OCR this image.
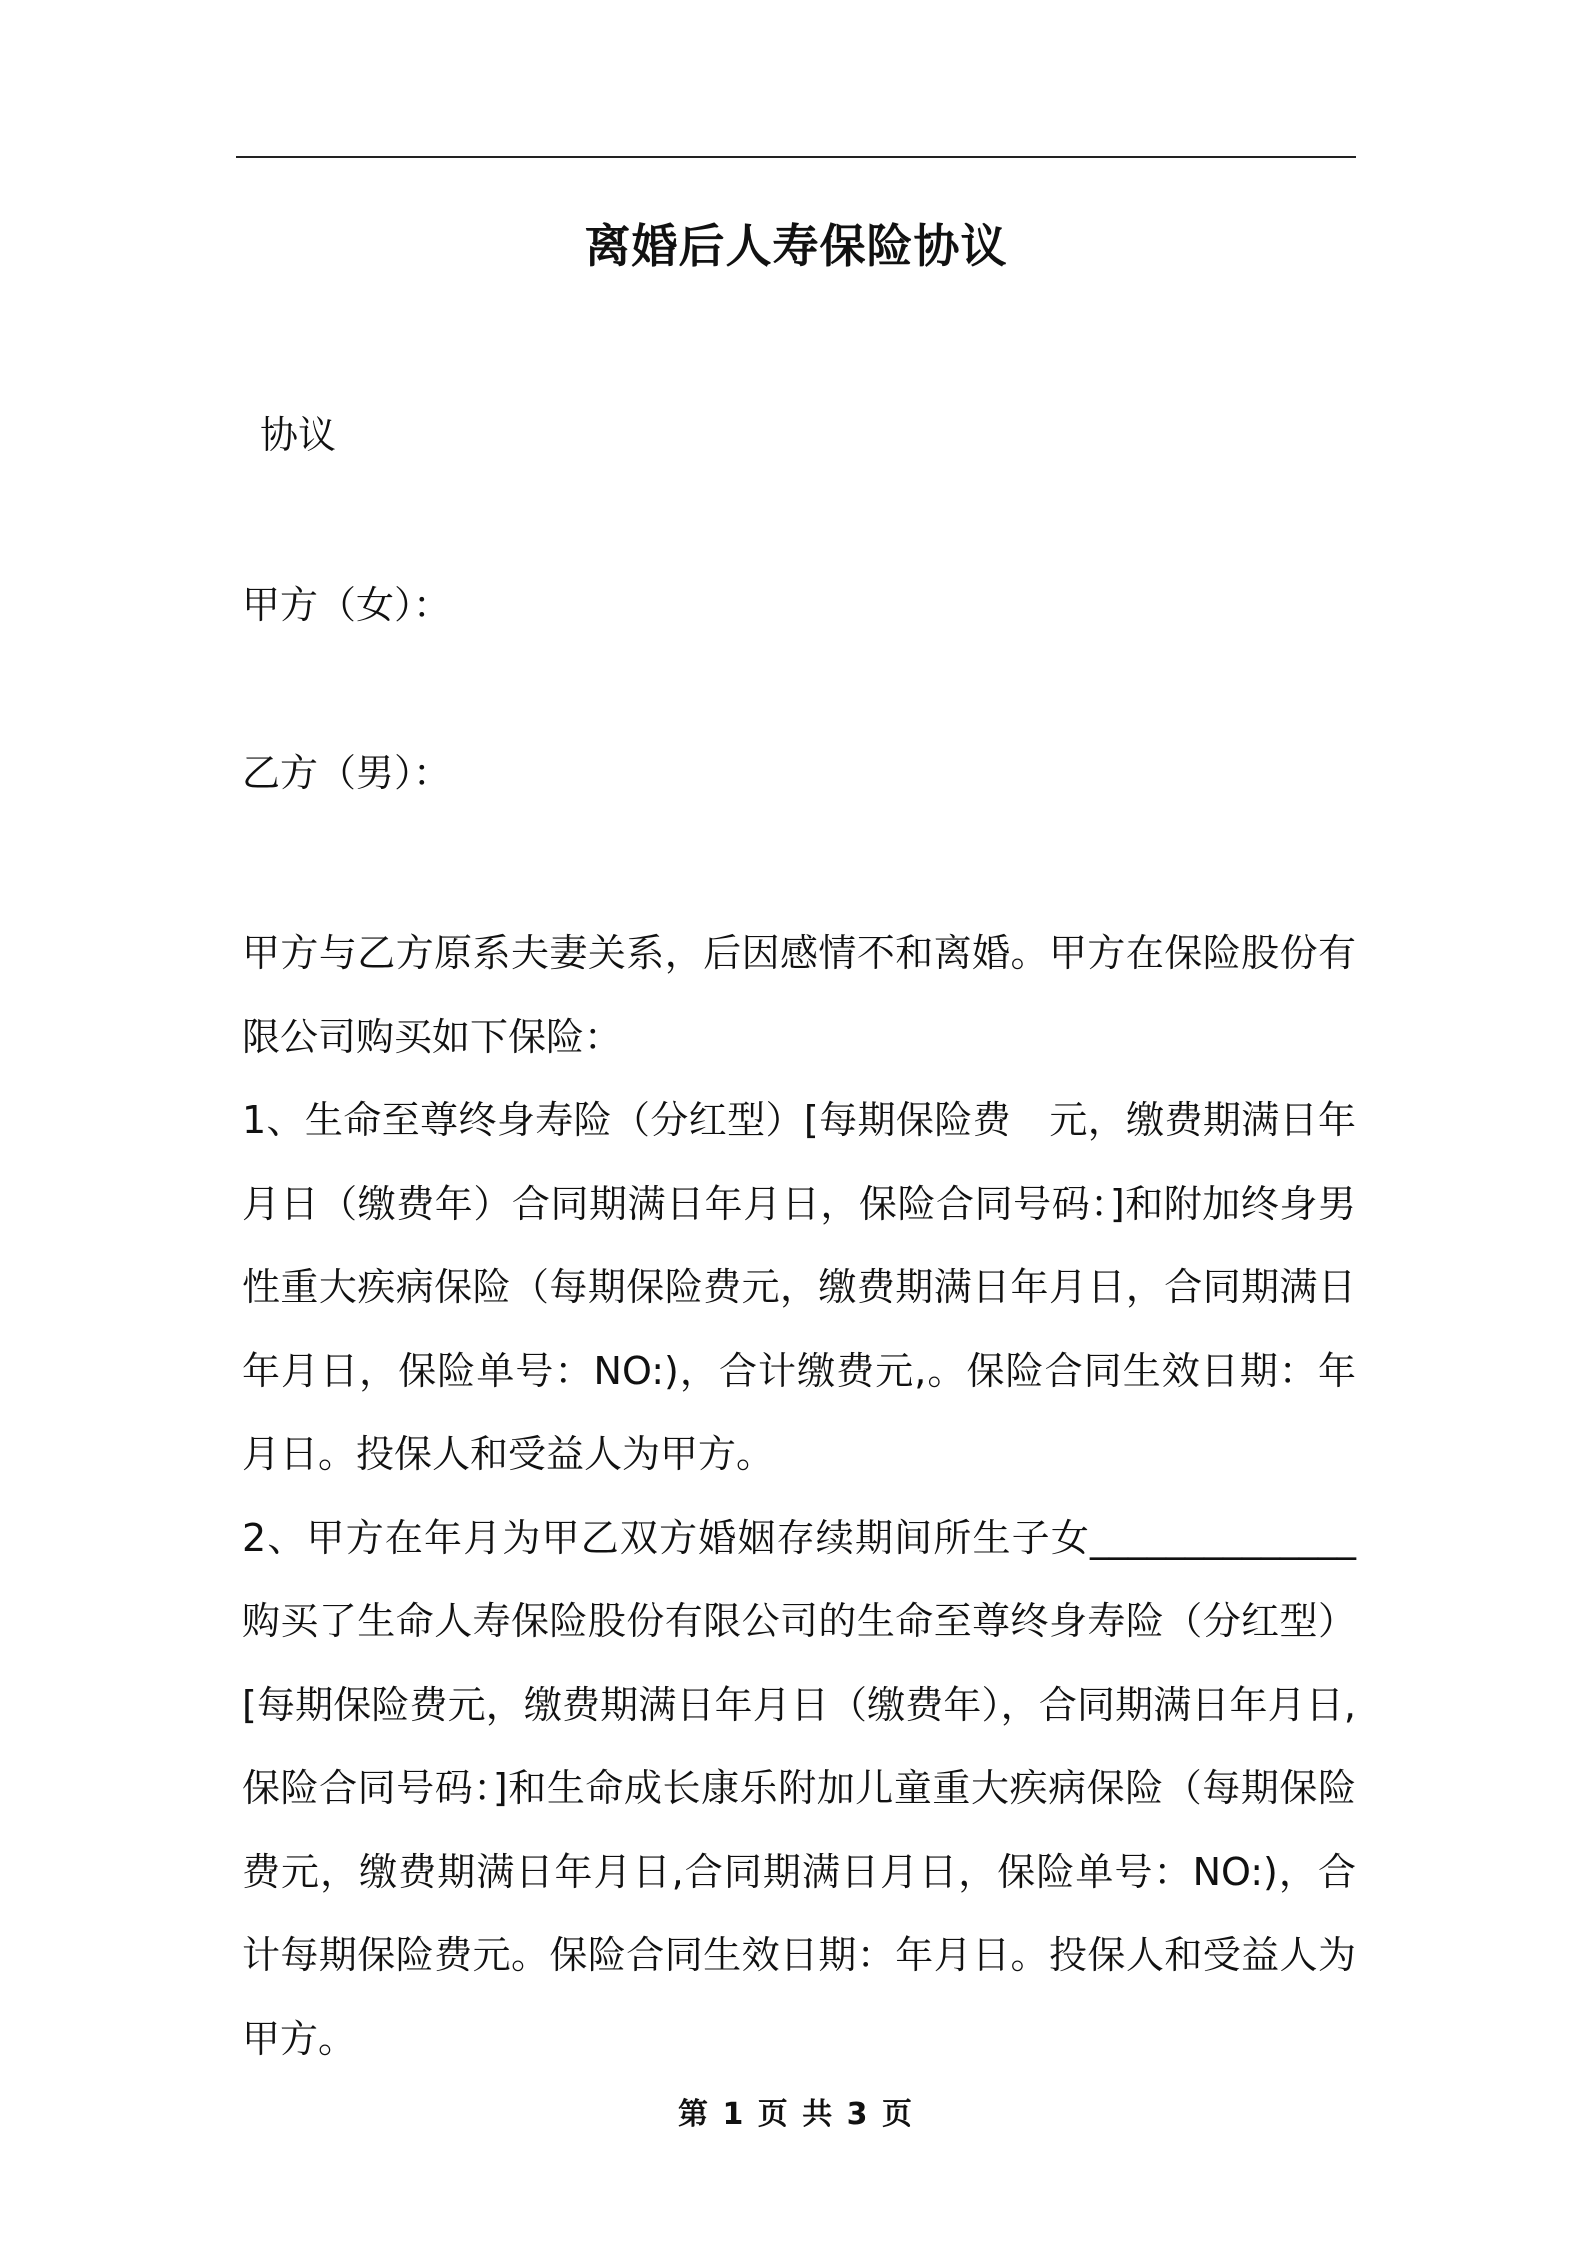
离婚后人寿保险协议
协议
甲方（女）：
乙方（男）：

甲方与乙方原系夫妻关系，后因感情不和离婚。甲方在保险股份有限公司购买如下保险：

1、生命至尊终身寿险（分红型）[每期保险费　元，缴费期满日年月日（缴费年）合同期满日年月日，保险合同号码：]和附加终身男性重大疾病保险（每期保险费元，缴费期满日年月日，合同期满日年月日，保险单号：NO:)，合计缴费元,。保险合同生效日期：年月日。投保人和受益人为甲方。

2、甲方在年月为甲乙双方婚姻存续期间所生子女______________购买了生命人寿保险股份有限公司的生命至尊终身寿险（分红型）[每期保险费元，缴费期满日年月日（缴费年），合同期满日年月日,保险合同号码：]和生命成长康乐附加儿童重大疾病保险（每期保险费元，缴费期满日年月日,合同期满日月日，保险单号：NO:)，合计每期保险费元。保险合同生效日期：年月日。投保人和受益人为甲方。

第 1 页 共 3 页
